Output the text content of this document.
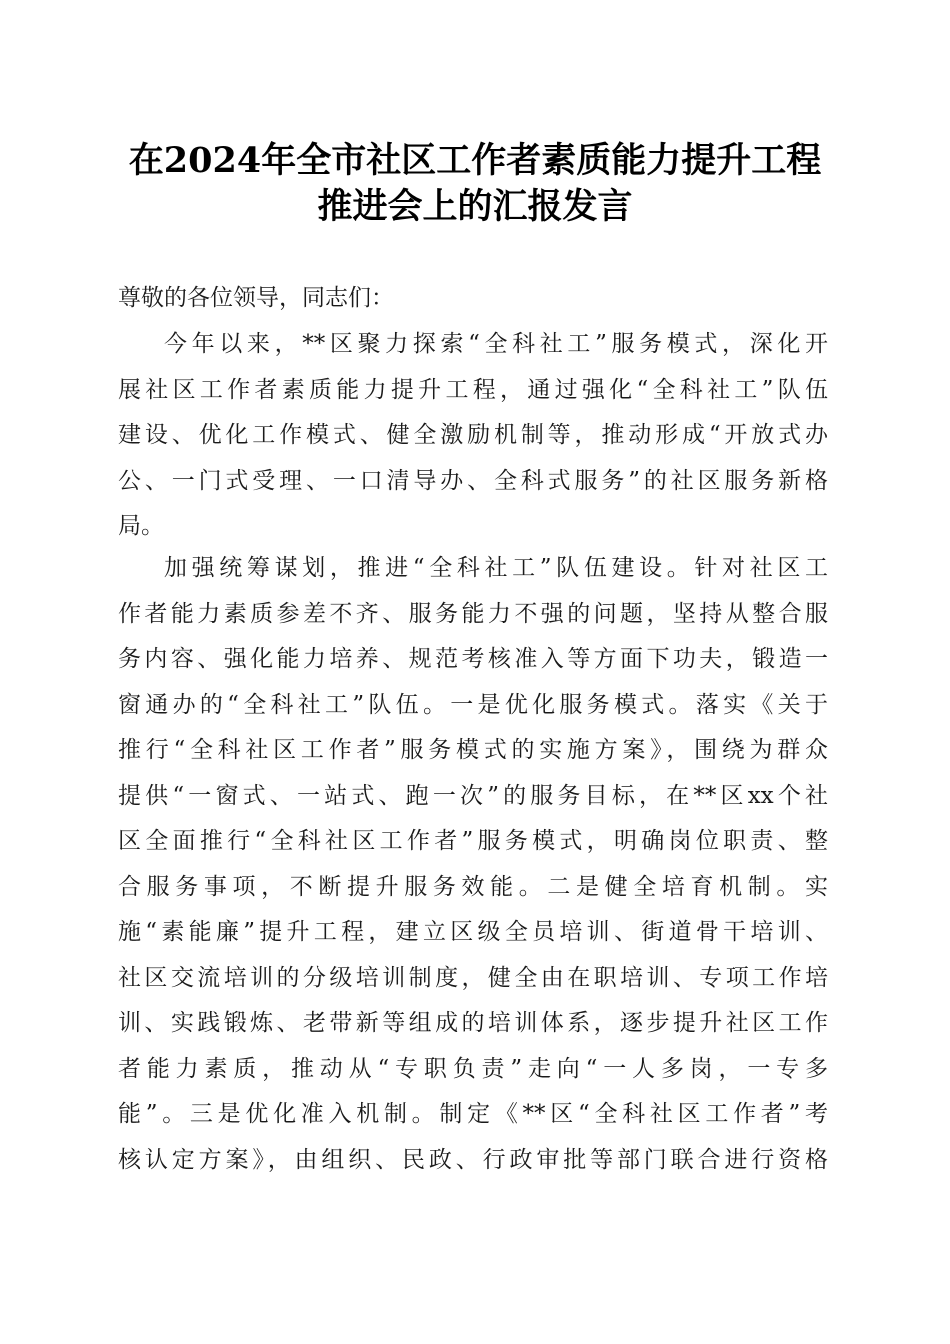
在2024年全市社区工作者素质能力提升工程
推进会上的汇报发言
尊敬的各位领导，同志们：
今年以来，**区聚力探索“全科社工”服务模式，深化开
展社区工作者素质能力提升工程，通过强化“全科社工”队伍
建设、优化工作模式、健全激励机制等，推动形成“开放式办
公、一门式受理、一口清导办、全科式服务”的社区服务新格
局。
加强统筹谋划，推进“全科社工”队伍建设。针对社区工
作者能力素质参差不齐、服务能力不强的问题，坚持从整合服
务内容、强化能力培养、规范考核准入等方面下功夫，锻造一
窗通办的“全科社工”队伍。一是优化服务模式。落实《关于
推行“全科社区工作者”服务模式的实施方案》，围绕为群众
提供“一窗式、一站式、跑一次”的服务目标，在**区xx个社
区全面推行“全科社区工作者”服务模式，明确岗位职责、整
合服务事项，不断提升服务效能。二是健全培育机制。实
施“素能廉”提升工程，建立区级全员培训、街道骨干培训、
社区交流培训的分级培训制度，健全由在职培训、专项工作培
训、实践锻炼、老带新等组成的培训体系，逐步提升社区工作
者能力素质，推动从“专职负责”走向“一人多岗，一专多
能”。三是优化准入机制。制定《**区“全科社区工作者”考
核认定方案》，由组织、民政、行政审批等部门联合进行资格
